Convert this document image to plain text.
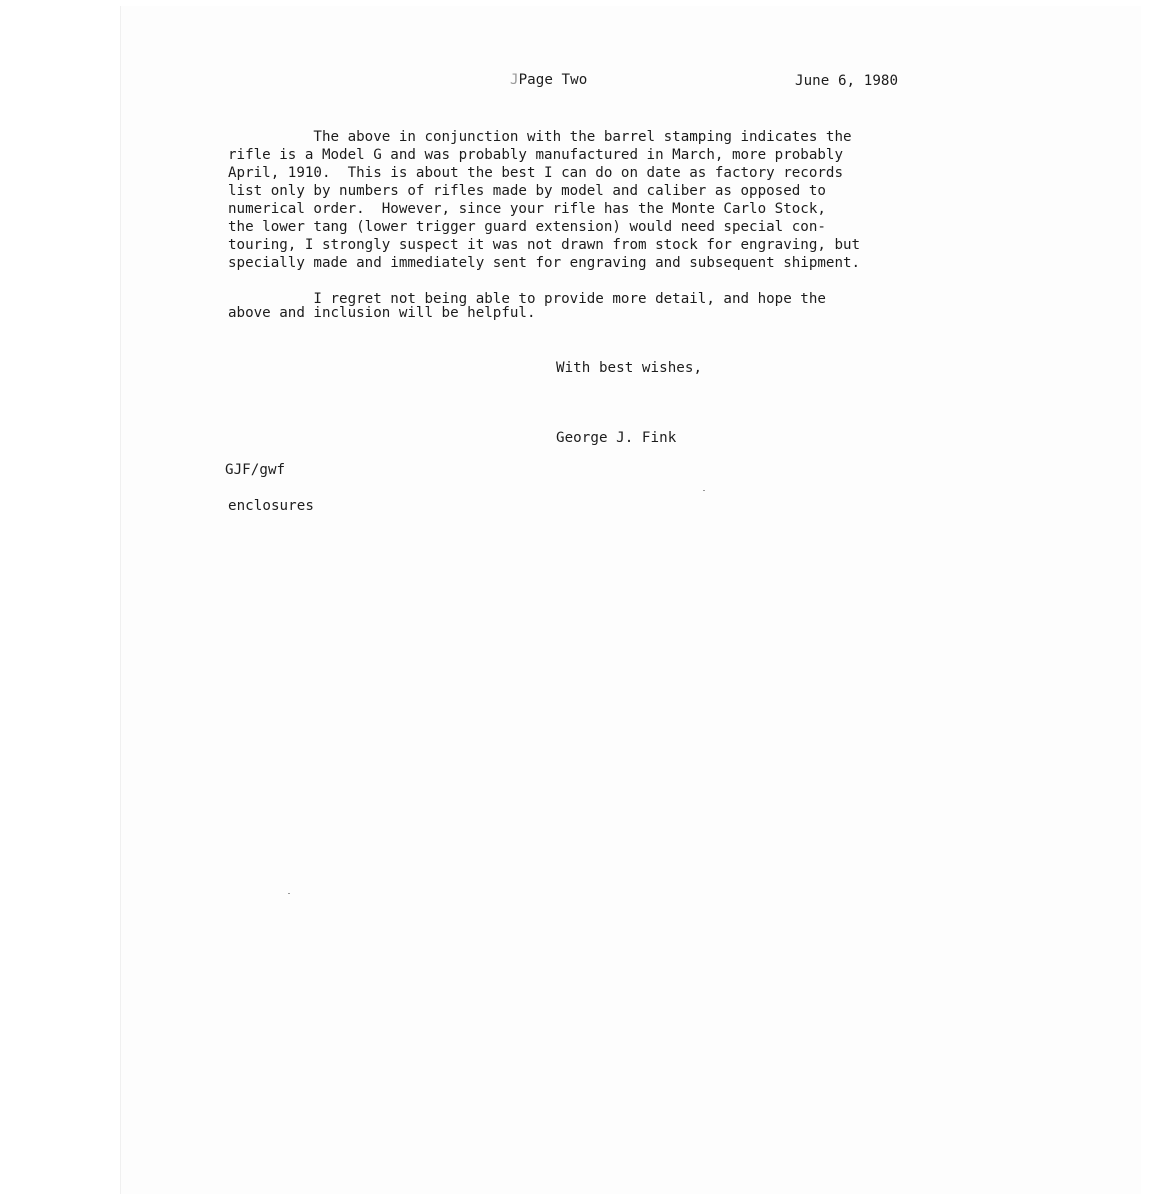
JPage Two	June 6, 1980
The above in conjunction with the barrel stamping indicates the
rifle is a Model G and was probably manufactured in March, more probably
April, 1910.  This is about the best I can do on date as factory records
list only by numbers of rifles made by model and caliber as opposed to
numerical order.  However, since your rifle has the Monte Carlo Stock,
the lower tang (lower trigger guard extension) would need special con-
touring, I strongly suspect it was not drawn from stock for engraving, but
specially made and immediately sent for engraving and subsequent shipment.
I regret not being able to provide more detail, and hope the
above and inclusion will be helpful.
With best wishes,
George J. Fink
GJF/gwf
enclosures
